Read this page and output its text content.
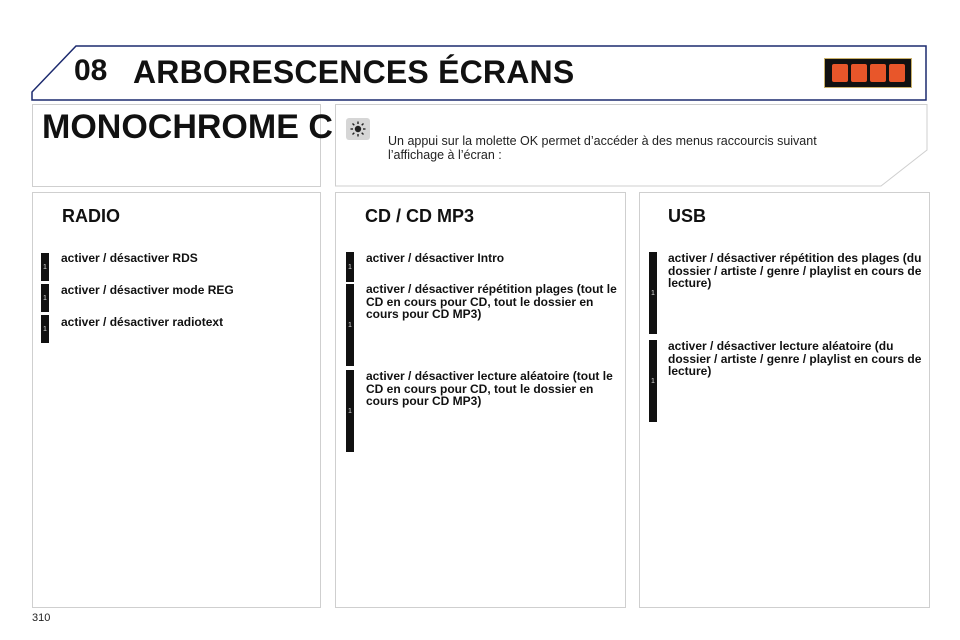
08 ARBORESCENCES ÉCRANS
MONOCHROME C	Un appui sur la molette OK permet d’accéder à des menus raccourcis suivant l’affichage à l’écran :
RADIO
1
activer / désactiver RDS
1
activer / désactiver mode REG
1 activer / désactiver radiotext
CD / CD MP3
1
activer / désactiver Intro
1
activer / désactiver répétition plages (tout le CD en cours pour CD, tout le dossier en cours pour CD MP3)
1
activer / désactiver lecture aléatoire (tout le CD en cours pour CD, tout le dossier en cours pour CD MP3)
USB
1
activer / désactiver répétition des plages (du dossier / artiste / genre / playlist en cours de lecture)
1
activer / désactiver lecture aléatoire (du dossier / artiste / genre / playlist en cours de lecture)
310
